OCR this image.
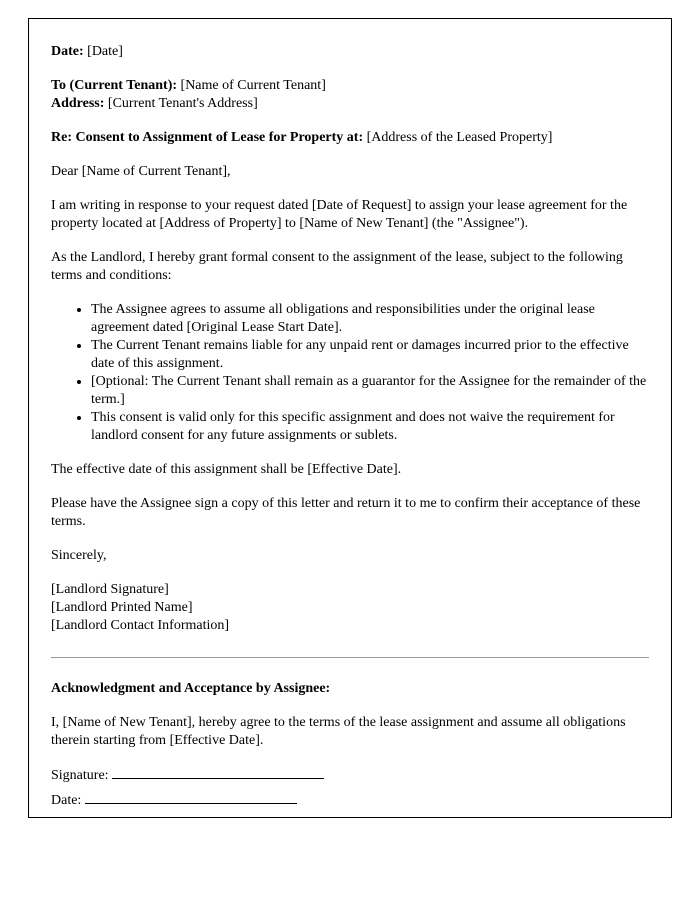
Date: [Date]

To (Current Tenant): [Name of Current Tenant]

Address: [Current Tenant's Address]

Re: Consent to Assignment of Lease for Property at: [Address of the Leased Property]

Dear [Name of Current Tenant],

I am writing in response to your request dated [Date of Request] to assign your lease agreement for the property located at [Address of Property] to [Name of New Tenant] (the "Assignee").

As the Landlord, I hereby grant formal consent to the assignment of the lease, subject to the following terms and conditions:

• The Assignee agrees to assume all obligations and responsibilities under the original lease agreement dated [Original Lease Start Date].
• The Current Tenant remains liable for any unpaid rent or damages incurred prior to the effective date of this assignment.
• [Optional: The Current Tenant shall remain as a guarantor for the Assignee for the remainder of the term.]
• This consent is valid only for this specific assignment and does not waive the requirement for landlord consent for any future assignments or sublets.

The effective date of this assignment shall be [Effective Date].

Please have the Assignee sign a copy of this letter and return it to me to confirm their acceptance of these terms.

Sincerely,

[Landlord Signature]

[Landlord Printed Name]

[Landlord Contact Information]

Acknowledgment and Acceptance by Assignee:

I, [Name of New Tenant], hereby agree to the terms of the lease assignment and assume all obligations therein starting from [Effective Date].

Signature:

Date:
